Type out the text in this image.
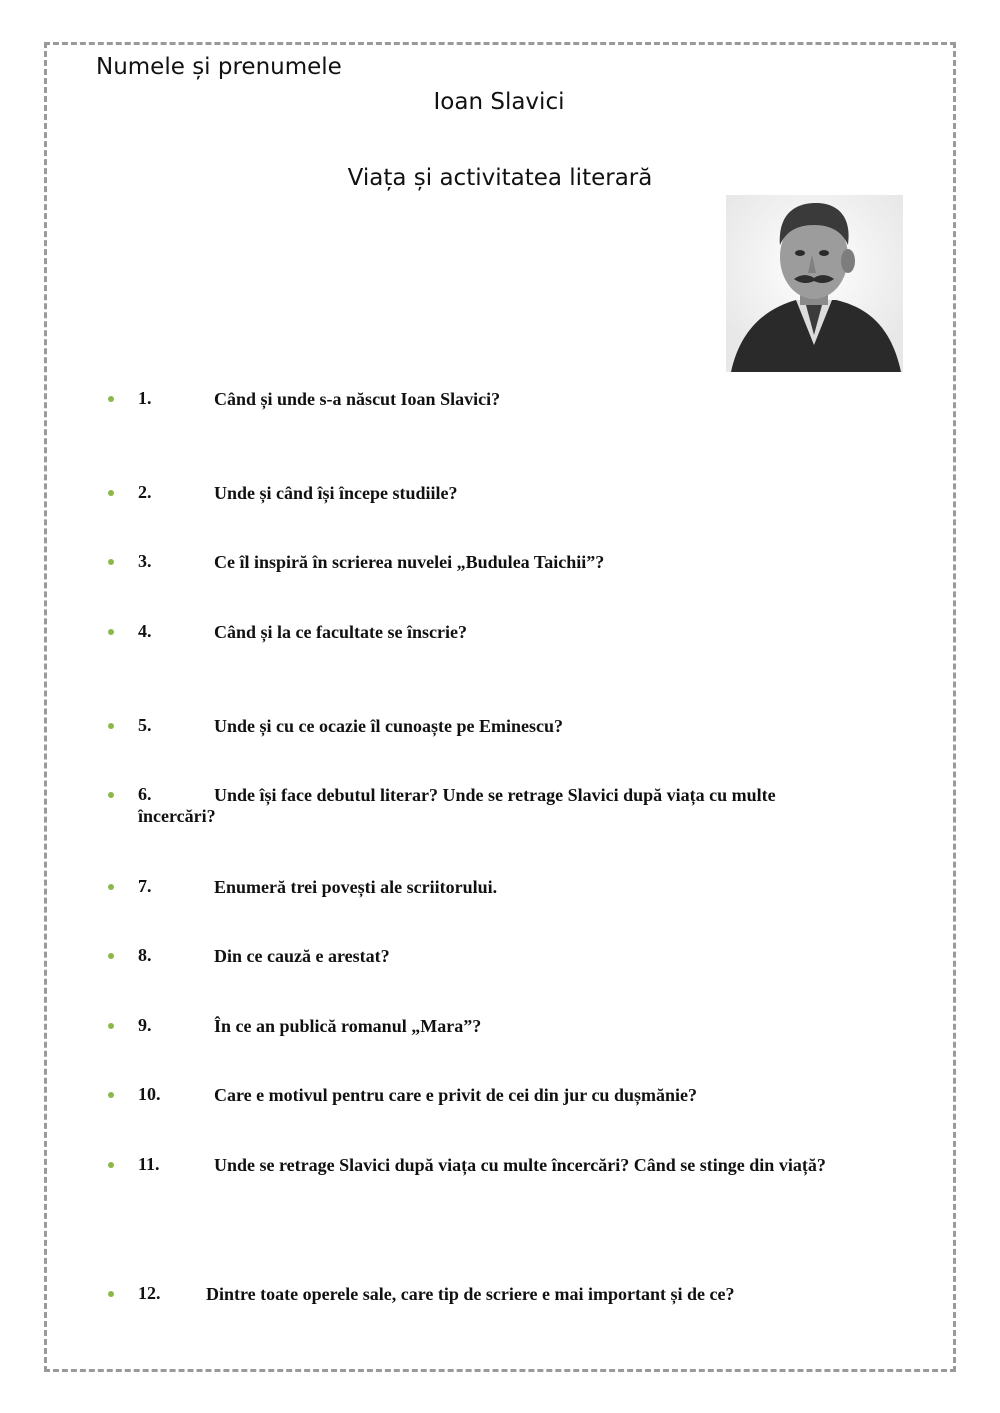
Numele și prenumele

Ioan Slavici

Viața și activitatea literară

1.	Când și unde s-a născut Ioan Slavici?
2.	Unde și când își începe studiile?
3.	Ce îl inspiră în scrierea nuvelei „Budulea Taichii”?
4.	Când și la ce facultate se înscrie?
5.	Unde și cu ce ocazie îl cunoaște pe Eminescu?
6.	Unde își face debutul literar? Unde se retrage Slavici după viața cu multe
încercări?
7.	Enumeră trei povești ale scriitorului.
8.	Din ce cauză e arestat?
9.	În ce an publică romanul „Mara”?
10.	Care e motivul pentru care e privit de cei din jur cu dușmănie?
11.	Unde se retrage Slavici după viața cu multe încercări? Când se stinge din viață?
12.	Dintre toate operele sale, care tip de scriere e mai important și de ce?
